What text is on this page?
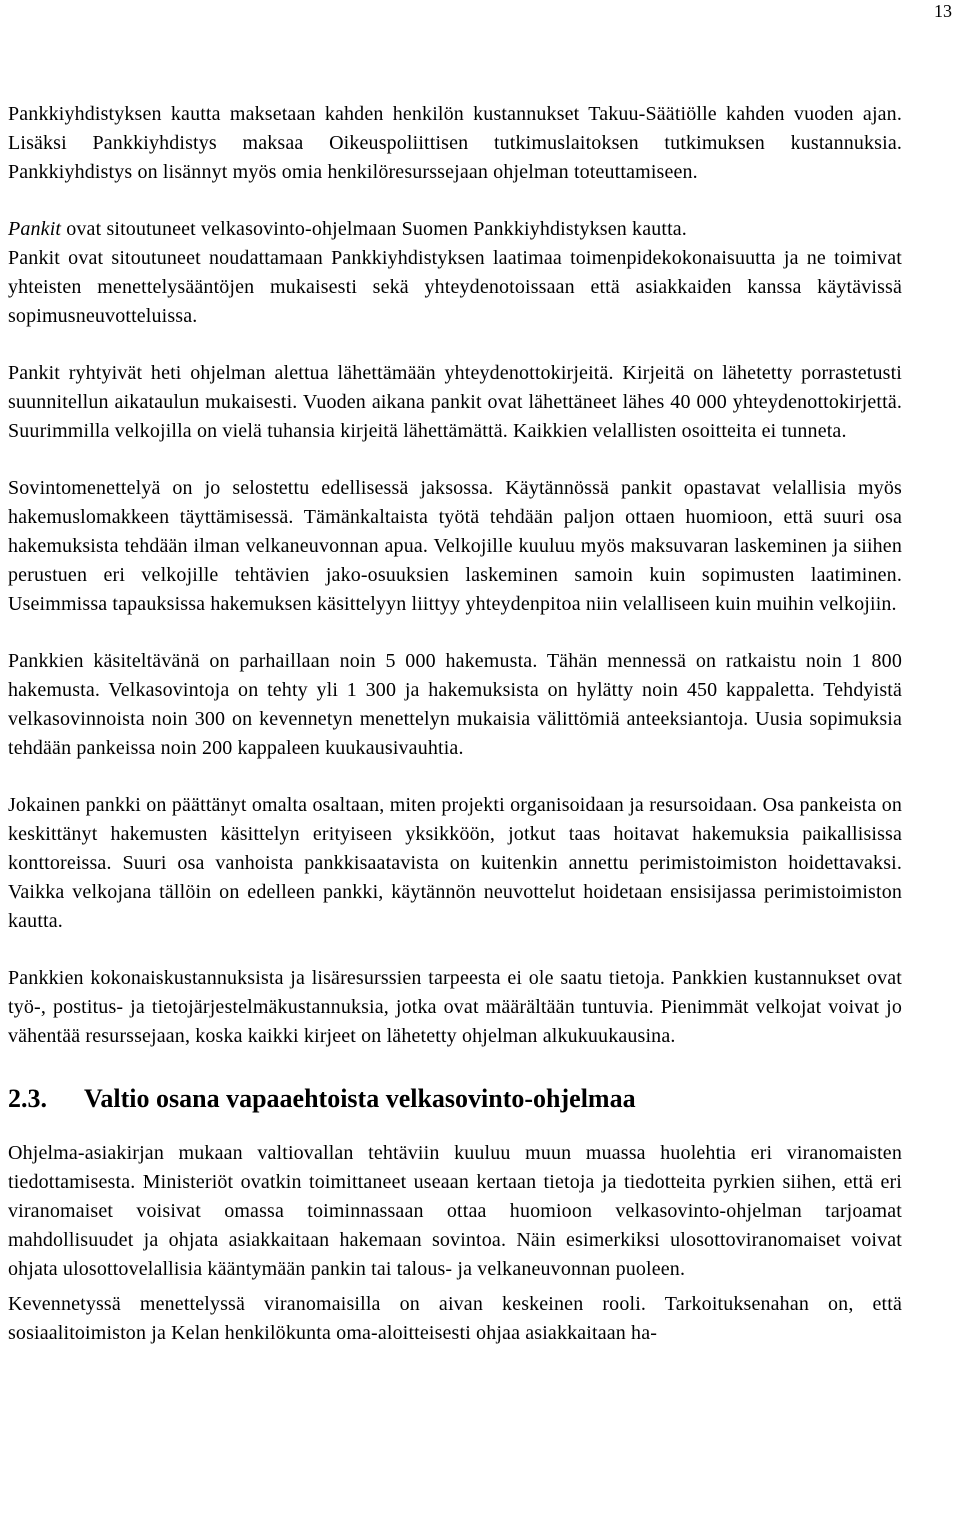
13

Pankkiyhdistyksen kautta maksetaan kahden henkilön kustannukset Takuu-Säätiölle kahden vuoden ajan. Lisäksi Pankkiyhdistys maksaa Oikeuspoliittisen tutkimuslaitoksen tutkimuksen kustannuksia. Pankkiyhdistys on lisännyt myös omia henkilöresurssejaan ohjelman toteuttamiseen.

Pankit ovat sitoutuneet velkasovinto-ohjelmaan Suomen Pankkiyhdistyksen kautta.
Pankit ovat sitoutuneet noudattamaan Pankkiyhdistyksen laatimaa toimenpidekokonaisuutta ja ne toimivat yhteisten menettelysääntöjen mukaisesti sekä yhteydenotoissaan että asiakkaiden kanssa käytävissä sopimusneuvotteluissa.

Pankit ryhtyivät heti ohjelman alettua lähettämään yhteydenottokirjeitä. Kirjeitä on lähetetty porrastetusti suunnitellun aikataulun mukaisesti. Vuoden aikana pankit ovat lähettäneet lähes 40 000 yhteydenottokirjettä. Suurimmilla velkojilla on vielä tuhansia kirjeitä lähettämättä. Kaikkien velallisten osoitteita ei tunneta.

Sovintomenettelyä on jo selostettu edellisessä jaksossa. Käytännössä pankit opastavat velallisia myös hakemuslomakkeen täyttämisessä. Tämänkaltaista työtä tehdään paljon ottaen huomioon, että suuri osa hakemuksista tehdään ilman velkaneuvonnan apua. Velkojille kuuluu myös maksuvaran laskeminen ja siihen perustuen eri velkojille tehtävien jako-osuuksien laskeminen samoin kuin sopimusten laatiminen. Useimmissa tapauksissa hakemuksen käsittelyyn liittyy yhteydenpitoa niin velalliseen kuin muihin velkojiin.

Pankkien käsiteltävänä on parhaillaan noin 5 000 hakemusta. Tähän mennessä on ratkaistu noin 1 800 hakemusta. Velkasovintoja on tehty yli 1 300 ja hakemuksista on hylätty noin 450 kappaletta. Tehdyistä velkasovinnoista noin 300 on kevennetyn menettelyn mukaisia välittömiä anteeksiantoja. Uusia sopimuksia tehdään pankeissa noin 200 kappaleen kuukausivauhtia.

Jokainen pankki on päättänyt omalta osaltaan, miten projekti organisoidaan ja resursoidaan. Osa pankeista on keskittänyt hakemusten käsittelyn erityiseen yksikköön, jotkut taas hoitavat hakemuksia paikallisissa konttoreissa. Suuri osa vanhoista pankkisaatavista on kuitenkin annettu perimistoimiston hoidettavaksi. Vaikka velkojana tällöin on edelleen pankki, käytännön neuvottelut hoidetaan ensisijassa perimistoimiston kautta.

Pankkien kokonaiskustannuksista ja lisäresurssien tarpeesta ei ole saatu tietoja. Pankkien kustannukset ovat työ-, postitus- ja tietojärjestelmäkustannuksia, jotka ovat määrältään tuntuvia. Pienimmät velkojat voivat jo vähentää resurssejaan, koska kaikki kirjeet on lähetetty ohjelman alkukuukausina.

2.3.	Valtio osana vapaaehtoista velkasovinto-ohjelmaa

Ohjelma-asiakirjan mukaan valtiovallan tehtäviin kuuluu muun muassa huolehtia eri viranomaisten tiedottamisesta. Ministeriöt ovatkin toimittaneet useaan kertaan tietoja ja tiedotteita pyrkien siihen, että eri viranomaiset voisivat omassa toiminnassaan ottaa huomioon velkasovinto-ohjelman tarjoamat mahdollisuudet ja ohjata asiakkaitaan hakemaan sovintoa. Näin esimerkiksi ulosottoviranomaiset voivat ohjata ulosottovelallisia kääntymään pankin tai talous- ja velkaneuvonnan puoleen.

Kevennetyssä menettelyssä viranomaisilla on aivan keskeinen rooli. Tarkoituksenahan on, että sosiaalitoimiston ja Kelan henkilökunta oma-aloitteisesti ohjaa asiakkaitaan ha-
